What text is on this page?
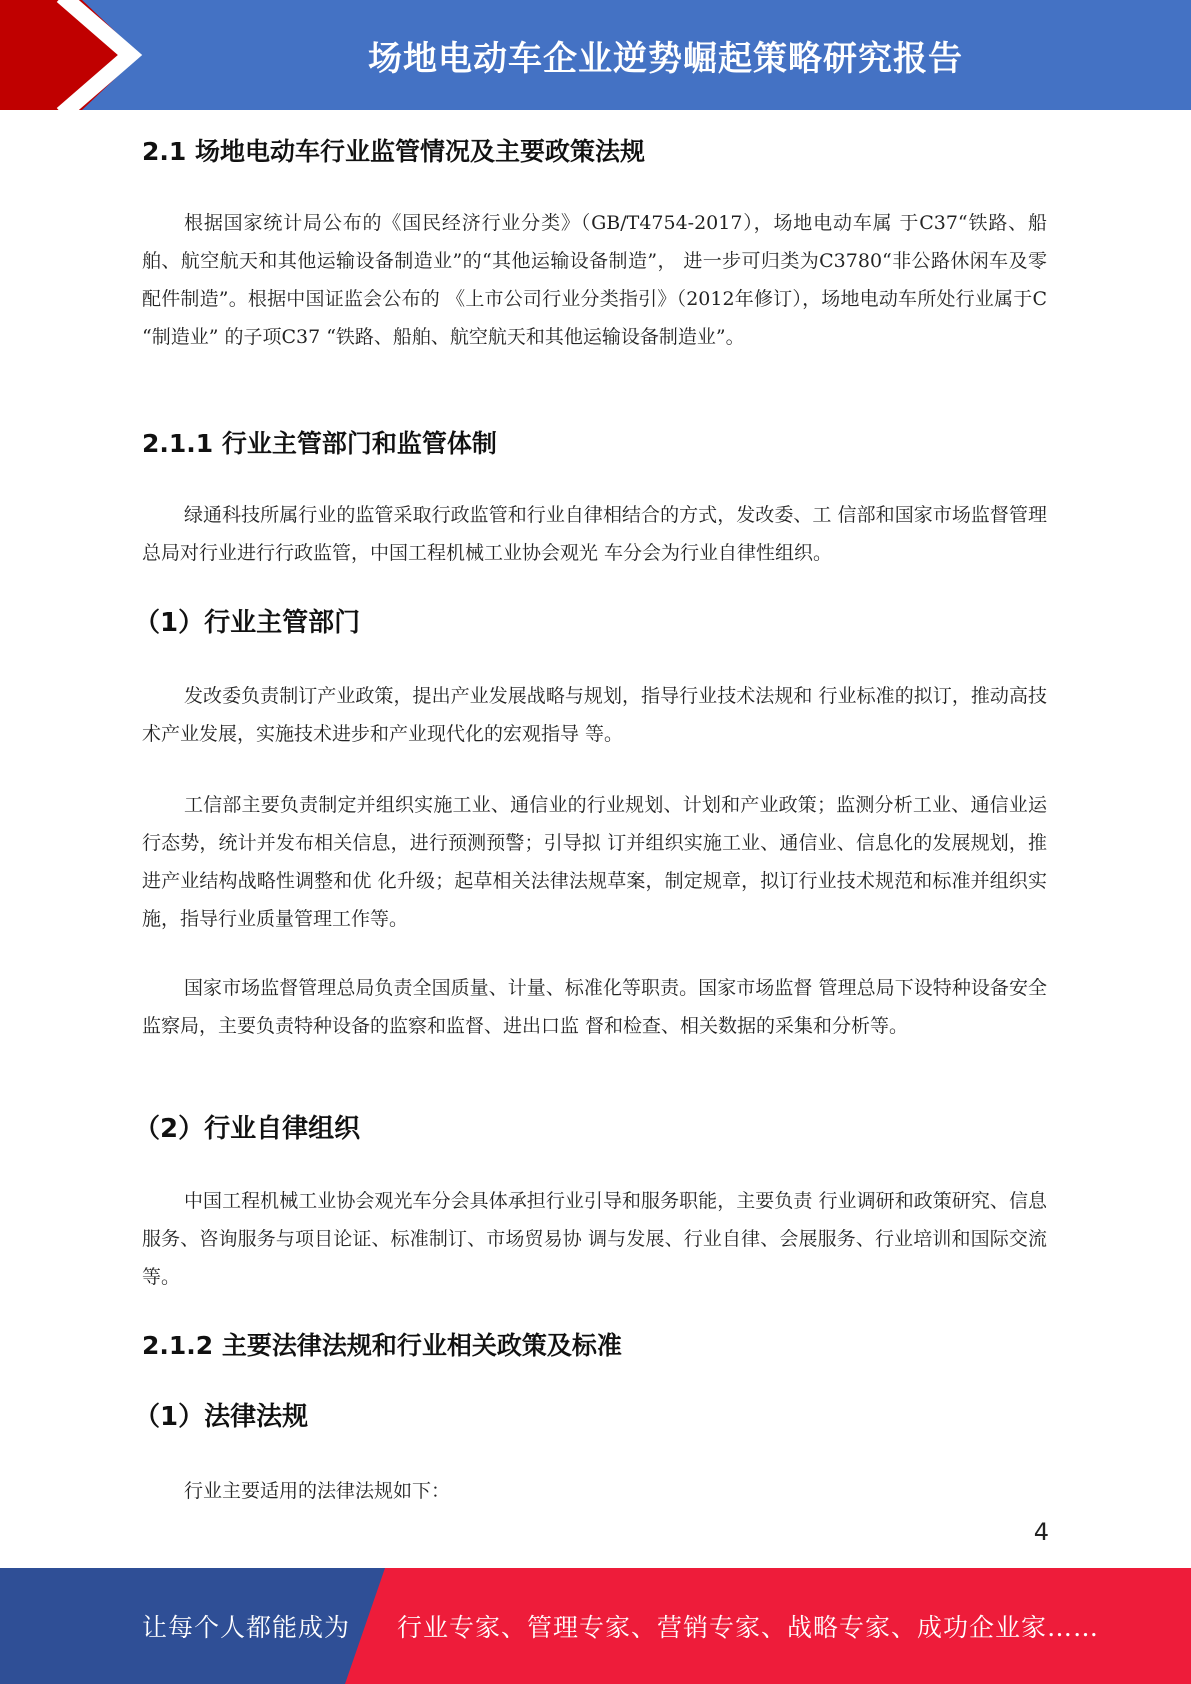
场地电动车企业逆势崛起策略研究报告
2.1 场地电动车行业监管情况及主要政策法规

根据国家统计局公布的《国民经济行业分类》（GB/T4754-2017），场地电动车属 于C37“铁路、船舶、航空航天和其他运输设备制造业”的“其他运输设备制造”， 进一步可归类为C3780“非公路休闲车及零配件制造”。根据中国证监会公布的 《上市公司行业分类指引》（2012年修订），场地电动车所处行业属于C “制造业” 的子项C37 “铁路、船舶、航空航天和其他运输设备制造业”。

2.1.1 行业主管部门和监管体制

绿通科技所属行业的监管采取行政监管和行业自律相结合的方式，发改委、工 信部和国家市场监督管理总局对行业进行行政监管，中国工程机械工业协会观光 车分会为行业自律性组织。

（1）行业主管部门

发改委负责制订产业政策，提出产业发展战略与规划，指导行业技术法规和 行业标准的拟订，推动高技术产业发展，实施技术进步和产业现代化的宏观指导 等。

工信部主要负责制定并组织实施工业、通信业的行业规划、计划和产业政策；监测分析工业、通信业运行态势，统计并发布相关信息，进行预测预警；引导拟 订并组织实施工业、通信业、信息化的发展规划，推进产业结构战略性调整和优 化升级；起草相关法律法规草案，制定规章，拟订行业技术规范和标准并组织实 施，指导行业质量管理工作等。

国家市场监督管理总局负责全国质量、计量、标准化等职责。国家市场监督 管理总局下设特种设备安全监察局，主要负责特种设备的监察和监督、进出口监 督和检查、相关数据的采集和分析等。

（2）行业自律组织

中国工程机械工业协会观光车分会具体承担行业引导和服务职能，主要负责 行业调研和政策研究、信息服务、咨询服务与项目论证、标准制订、市场贸易协 调与发展、行业自律、会展服务、行业培训和国际交流等。

2.1.2 主要法律法规和行业相关政策及标准
（1）法律法规

行业主要适用的法律法规如下：

4
让每个人都能成为 行业专家、管理专家、营销专家、战略专家、成功企业家……
